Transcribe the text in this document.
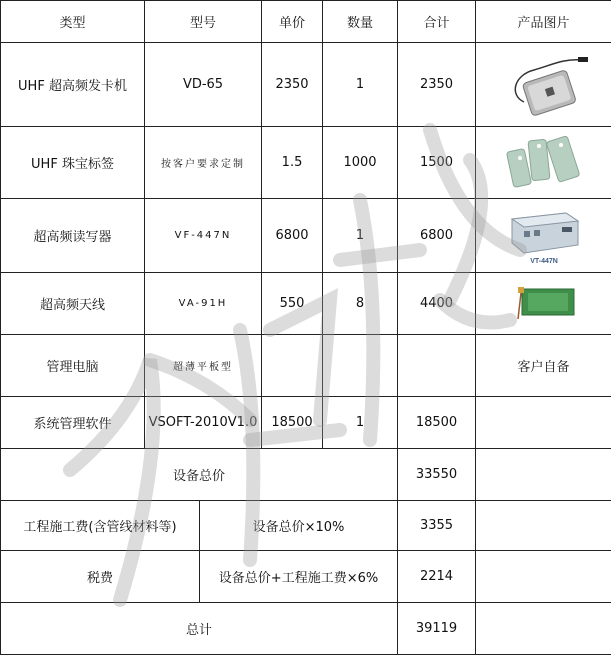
类型	型号		单价	数量	合计	产品图片
UHF 超高频发卡机	VD-65		2350	1	2350	

UHF 珠宝标签	按客户要求定制		1.5	1000	1500	

超高频读写器	VF-447N		6800	1	6800	VT-447N

超高频天线	VA-91H		550	8	4400	

管理电脑	超薄平板型					客户自备
系统管理软件	VSOFT-2010V1.0		18500	1	18500	
设备总价					33550	
工程施工费(含管线材料等)		设备总价×10%			3355	
税费		设备总价+工程施工费×6%			2214	
总计					39119	
